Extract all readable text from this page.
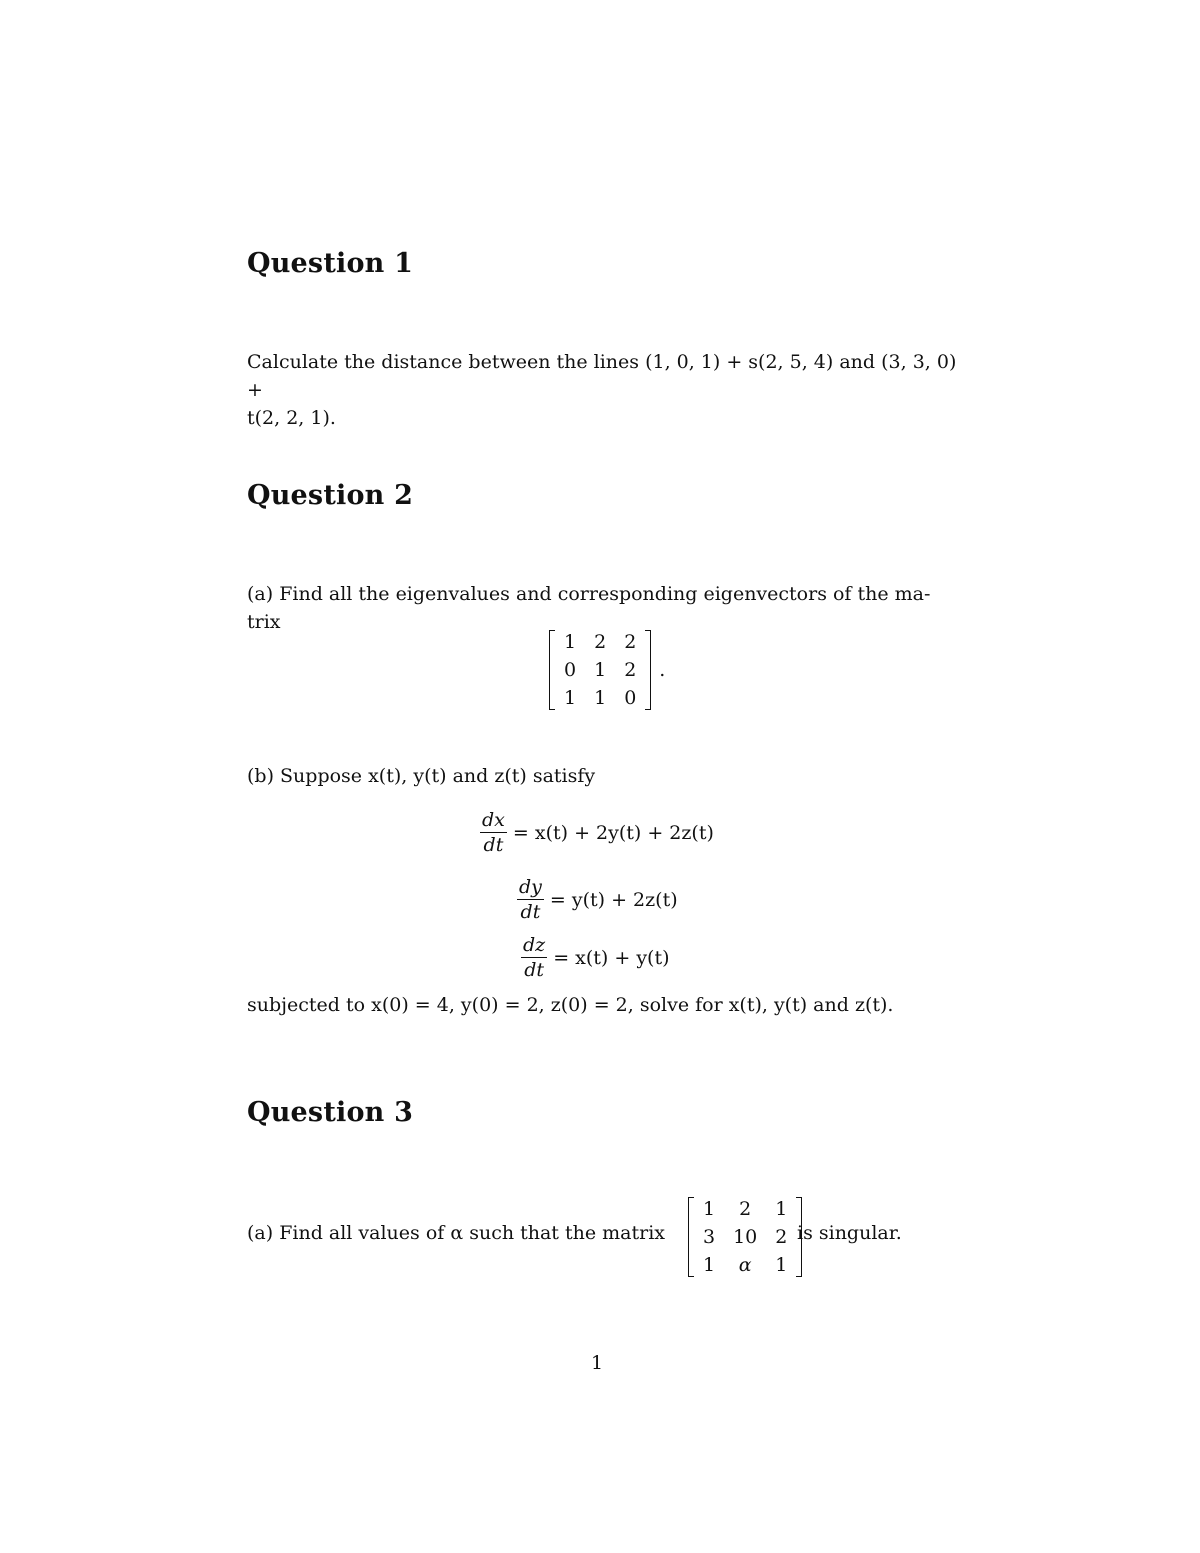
Question 1
Calculate the distance between the lines (1, 0, 1) + s(2, 5, 4) and (3, 3, 0) +
t(2, 2, 1).
Question 2
(a) Find all the eigenvalues and corresponding eigenvectors of the ma-
trix
1	2	2
0	1	2
1	1	0
.
(b) Suppose x(t), y(t) and z(t) satisfy
$\frac{dx}{dt} = x(t) + 2y(t) + 2z(t)$
$\frac{dy}{dt} = y(t) + 2z(t)$
$\frac{dz}{dt} = x(t) + y(t)$
subjected to x(0) = 4, y(0) = 2, z(0) = 2, solve for x(t), y(t) and z(t).
Question 3
(a) Find all values of α such that the matrix
1	2	1
3	10	2
1	α	1
is singular.
1
